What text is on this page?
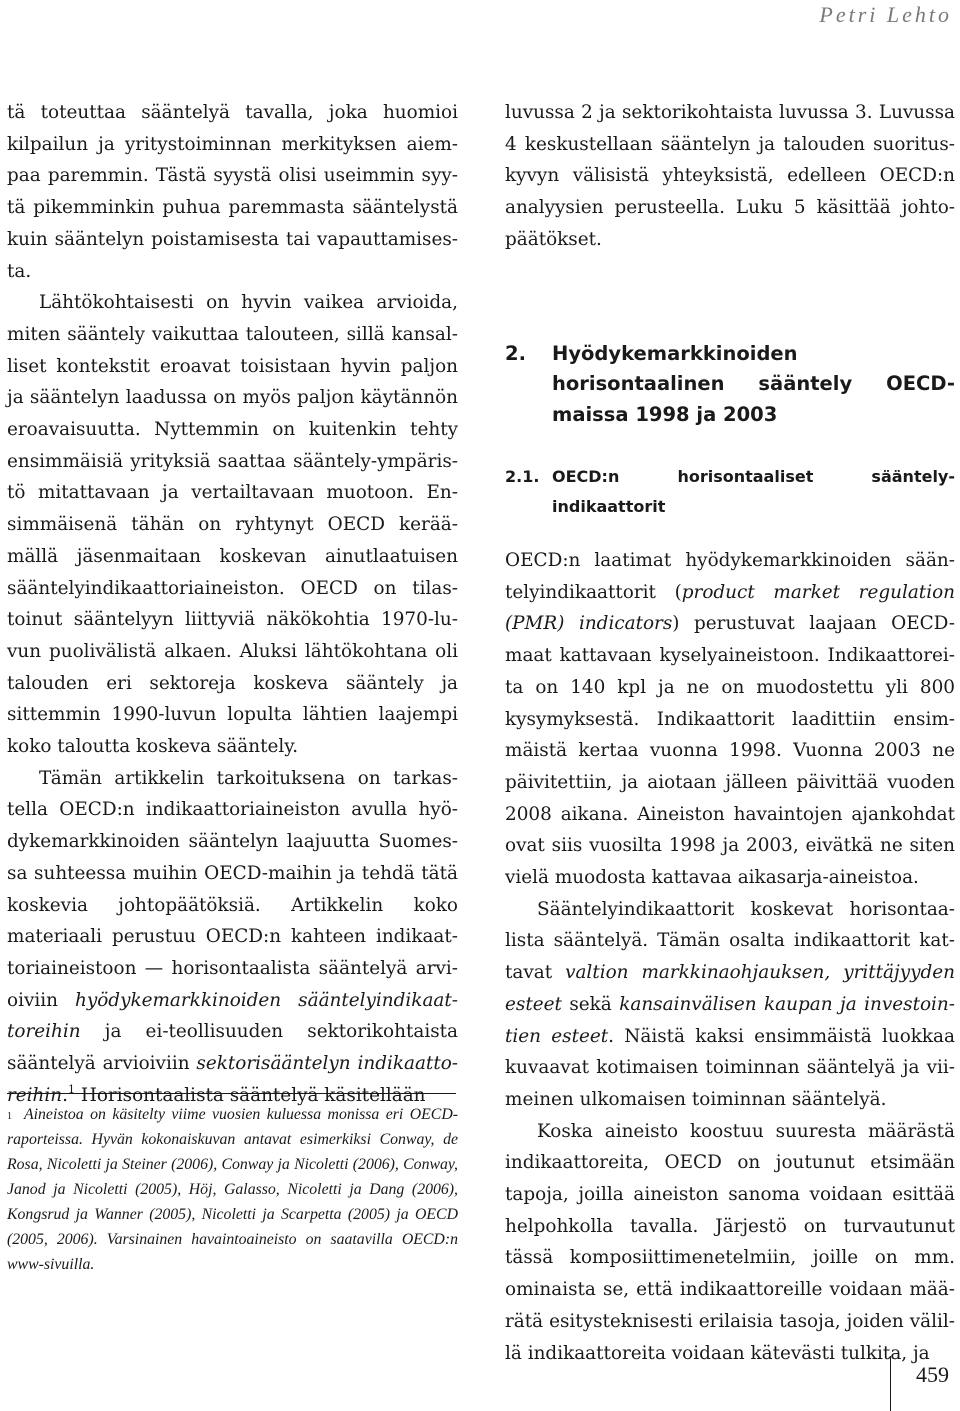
Petri Lehto

tä toteuttaa sääntelyä tavalla, joka huomioi kilpailun ja yritystoiminnan merkityksen aiempaa paremmin. Tästä syystä olisi useimmin syytä pikemminkin puhua paremmasta sääntelystä kuin sääntelyn poistamisesta tai vapauttamisesta.

Lähtökohtaisesti on hyvin vaikea arvioida, miten sääntely vaikuttaa talouteen, sillä kansalliset kontekstit eroavat toisistaan hyvin paljon ja sääntelyn laadussa on myös paljon käytännön eroavaisuutta. Nyttemmin on kuitenkin tehty ensimmäisiä yrityksiä saattaa sääntely-ympäristö mitattavaan ja vertailtavaan muotoon. Ensimmäisenä tähän on ryhtynyt OECD keräämällä jäsenmaitaan koskevan ainutlaatuisen sääntelyindikaattoriaineiston. OECD on tilastoinut sääntelyyn liittyviä näkökohtia 1970-luvun puolivälistä alkaen. Aluksi lähtökohtana oli talouden eri sektoreja koskeva sääntely ja sittemmin 1990-luvun lopulta lähtien laajempi koko taloutta koskeva sääntely.

Tämän artikkelin tarkoituksena on tarkastella OECD:n indikaattoriaineiston avulla hyödykemarkkinoiden sääntelyn laajuutta Suomessa suhteessa muihin OECD-maihin ja tehdä tätä koskevia johtopäätöksiä. Artikkelin koko materiaali perustuu OECD:n kahteen indikaattoriaineistoon — horisontaalista sääntelyä arvioiviin hyödykemarkkinoiden sääntelyindikaattoreihin ja ei-teollisuuden sektorikohtaista sääntelyä arvioiviin sektorisääntelyn indikaattoreihin.$^1$ Horisontaalista sääntelyä käsitellään

$^1$ Aineistoa on käsitelty viime vuosien kuluessa monissa eri OECD-raporteissa. Hyvän kokonaiskuvan antavat esimerkiksi Conway, de Rosa, Nicoletti ja Steiner (2006), Conway ja Nicoletti (2006), Conway, Janod ja Nicoletti (2005), Höj, Galasso, Nicoletti ja Dang (2006), Kongsrud ja Wanner (2005), Nicoletti ja Scarpetta (2005) ja OECD (2005, 2006). Varsinainen havaintoaineisto on saatavilla OECD:n www-sivuilla.

luvussa 2 ja sektorikohtaista luvussa 3. Luvussa 4 keskustellaan sääntelyn ja talouden suorituskyvyn välisistä yhteyksistä, edelleen OECD:n analyysien perusteella. Luku 5 käsittää johtopäätökset.

2.	Hyödykemarkkinoiden horisontaalinen sääntely OECD-maissa 1998 ja 2003
2.1. OECD:n horisontaaliset sääntelyindikaattorit

OECD:n laatimat hyödykemarkkinoiden sääntelyindikaattorit (product market regulation (PMR) indicators) perustuvat laajaan OECD-maat kattavaan kyselyaineistoon. Indikaattoreita on 140 kpl ja ne on muodostettu yli 800 kysymyksestä. Indikaattorit laadittiin ensimmäistä kertaa vuonna 1998. Vuonna 2003 ne päivitettiin, ja aiotaan jälleen päivittää vuoden 2008 aikana. Aineiston havaintojen ajankohdat ovat siis vuosilta 1998 ja 2003, eivätkä ne siten vielä muodosta kattavaa aikasarja-aineistoa.

Sääntelyindikaattorit koskevat horisontaalista sääntelyä. Tämän osalta indikaattorit kattavat valtion markkinaohjauksen, yrittäjyyden esteet sekä kansainvälisen kaupan ja investointien esteet. Näistä kaksi ensimmäistä luokkaa kuvaavat kotimaisen toiminnan sääntelyä ja viimeinen ulkomaisen toiminnan sääntelyä.

Koska aineisto koostuu suuresta määrästä indikaattoreita, OECD on joutunut etsimään tapoja, joilla aineiston sanoma voidaan esittää helpohkolla tavalla. Järjestö on turvautunut tässä komposiittimenetelmiin, joille on mm. ominaista se, että indikaattoreille voidaan määrätä esitysteknisesti erilaisia tasoja, joiden välillä indikaattoreita voidaan kätevästi tulkita, ja

459
